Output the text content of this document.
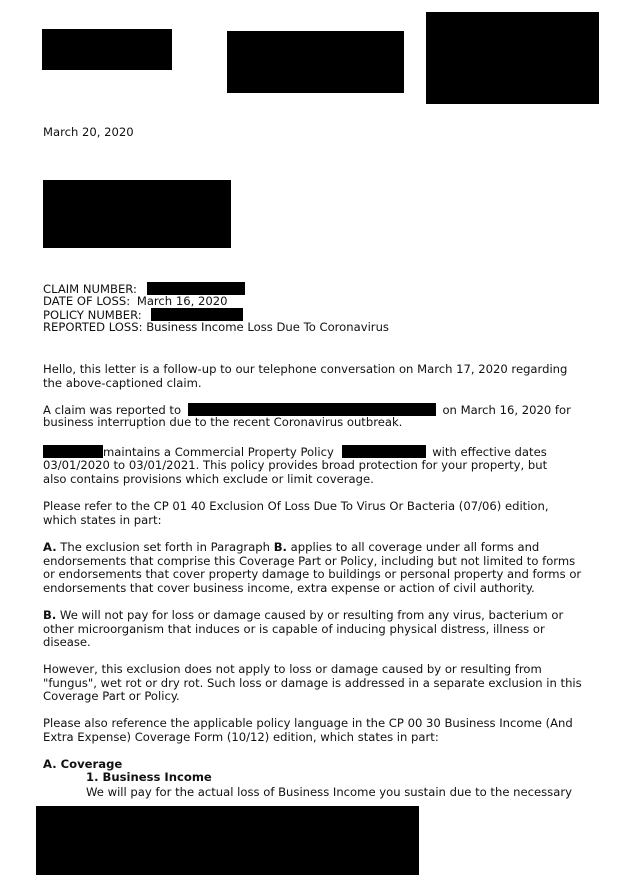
March 20, 2020
CLAIM NUMBER:
DATE OF LOSS: March 16, 2020
POLICY NUMBER:
REPORTED LOSS: Business Income Loss Due To Coronavirus
Hello, this letter is a follow-up to our telephone conversation on March 17, 2020 regarding the above-captioned claim.
A claim was reported to	on March 16, 2020 for
business interruption due to the recent Coronavirus outbreak.
maintains a Commercial Property Policy	with effective dates
03/01/2020 to 03/01/2021. This policy provides broad protection for your property, but
also contains provisions which exclude or limit coverage.
Please refer to the CP 01 40 Exclusion Of Loss Due To Virus Or Bacteria (07/06) edition, which states in part:
A. The exclusion set forth in Paragraph B. applies to all coverage under all forms and endorsements that comprise this Coverage Part or Policy, including but not limited to forms or endorsements that cover property damage to buildings or personal property and forms or endorsements that cover business income, extra expense or action of civil authority.
B. We will not pay for loss or damage caused by or resulting from any virus, bacterium or other microorganism that induces or is capable of inducing physical distress, illness or disease.
However, this exclusion does not apply to loss or damage caused by or resulting from "fungus", wet rot or dry rot. Such loss or damage is addressed in a separate exclusion in this Coverage Part or Policy.
Please also reference the applicable policy language in the CP 00 30 Business Income (And Extra Expense) Coverage Form (10/12) edition, which states in part:
A. Coverage
1. Business Income
We will pay for the actual loss of Business Income you sustain due to the necessary
